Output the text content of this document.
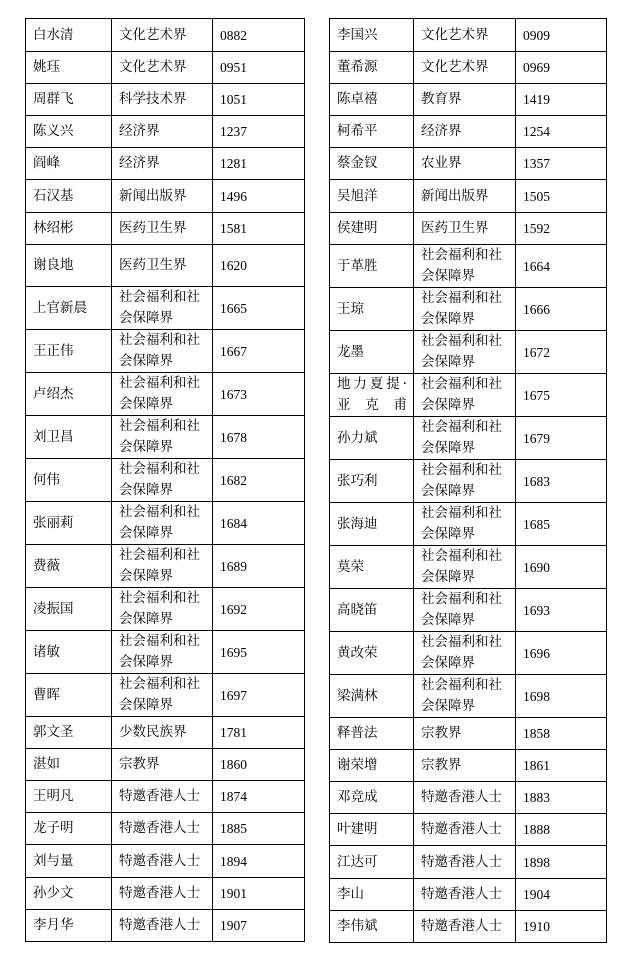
白水清	文化艺术界	0882
姚珏	文化艺术界	0951
周群飞	科学技术界	1051
陈义兴	经济界	1237
阎峰	经济界	1281
石汉基	新闻出版界	1496
林绍彬	医药卫生界	1581
谢良地	医药卫生界	1620
上官新晨	社会福利和社会保障界	1665
王正伟	社会福利和社会保障界	1667
卢绍杰	社会福利和社会保障界	1673
刘卫昌	社会福利和社会保障界	1678
何伟	社会福利和社会保障界	1682
张丽莉	社会福利和社会保障界	1684
费薇	社会福利和社会保障界	1689
凌振国	社会福利和社会保障界	1692
诸敏	社会福利和社会保障界	1695
曹晖	社会福利和社会保障界	1697
郭文圣	少数民族界	1781
湛如	宗教界	1860
王明凡	特邀香港人士	1874
龙子明	特邀香港人士	1885
刘与量	特邀香港人士	1894
孙少文	特邀香港人士	1901
李月华	特邀香港人士	1907
李国兴	文化艺术界	0909
董希源	文化艺术界	0969
陈卓禧	教育界	1419
柯希平	经济界	1254
蔡金钗	农业界	1357
吴旭洋	新闻出版界	1505
侯建明	医药卫生界	1592
于革胜	社会福利和社会保障界	1664
王琼	社会福利和社会保障界	1666
龙墨	社会福利和社会保障界	1672
地力夏提·亚克甫	社会福利和社会保障界	1675
孙力斌	社会福利和社会保障界	1679
张巧利	社会福利和社会保障界	1683
张海迪	社会福利和社会保障界	1685
莫荣	社会福利和社会保障界	1690
高晓笛	社会福利和社会保障界	1693
黄改荣	社会福利和社会保障界	1696
梁满林	社会福利和社会保障界	1698
释普法	宗教界	1858
谢荣增	宗教界	1861
邓竞成	特邀香港人士	1883
叶建明	特邀香港人士	1888
江达可	特邀香港人士	1898
李山	特邀香港人士	1904
李伟斌	特邀香港人士	1910
